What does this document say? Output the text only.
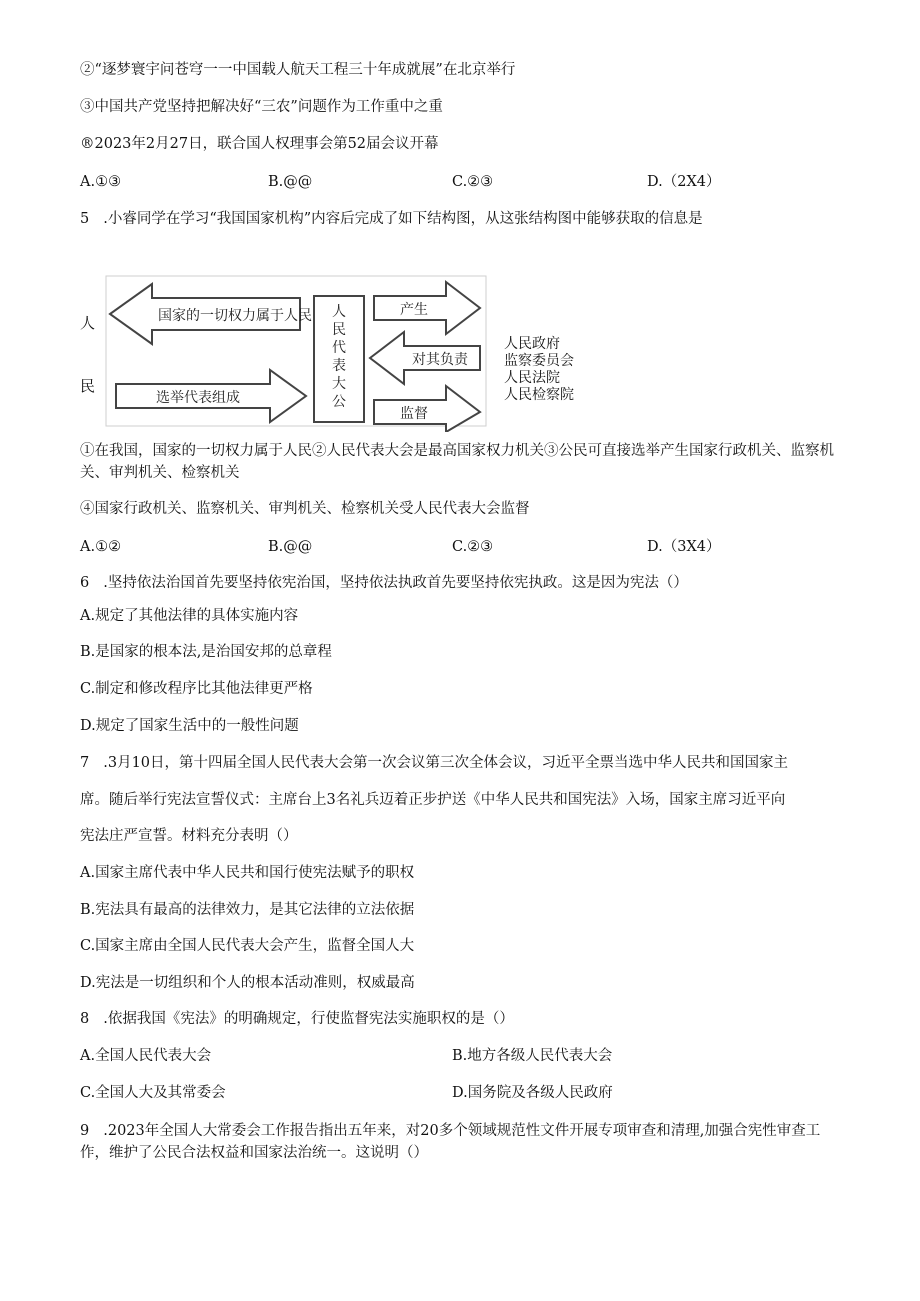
②“逐梦寰宇问苍穹一一中国载人航天工程三十年成就展”在北京举行
③中国共产党坚持把解决好“三农”问题作为工作重中之重
®2023年2月27日，联合国人权理事会第52届会议开幕
A.①③	B.@@	C.②③	D.（2X4）
5 .小睿同学在学习“我国国家机构”内容后完成了如下结构图，从这张结构图中能够获取的信息是
人
民
国家的一切权力属于人民
选举代表组成
人
民
代
表
大
公
产生
对其负责
监督
人民政府
监察委员会
人民法院
人民检察院
①在我国，国家的一切权力属于人民②人民代表大会是最高国家权力机关③公民可直接选举产生国家行政机关、监察机关、审判机关、检察机关
④国家行政机关、监察机关、审判机关、检察机关受人民代表大会监督
A.①②	B.@@	C.②③	D.（3X4）
6 .坚持依法治国首先要坚持依宪治国，坚持依法执政首先要坚持依宪执政。这是因为宪法（）
A.规定了其他法律的具体实施内容
B.是国家的根本法,是治国安邦的总章程
C.制定和修改程序比其他法律更严格
D.规定了国家生活中的一般性问题
7 .3月10日，第十四届全国人民代表大会第一次会议第三次全体会议，习近平全票当选中华人民共和国国家主
席。随后举行宪法宣誓仪式：主席台上3名礼兵迈着正步护送《中华人民共和国宪法》入场，国家主席习近平向
宪法庄严宣誓。材料充分表明（）
A.国家主席代表中华人民共和国行使宪法赋予的职权
B.宪法具有最高的法律效力，是其它法律的立法依据
C.国家主席由全国人民代表大会产生，监督全国人大
D.宪法是一切组织和个人的根本活动准则，权威最高
8 .依据我国《宪法》的明确规定，行使监督宪法实施职权的是（）
A.全国人民代表大会	B.地方各级人民代表大会
C.全国人大及其常委会	D.国务院及各级人民政府
9 .2023年全国人大常委会工作报告指出五年来，对20多个领域规范性文件开展专项审查和清理,加强合宪性审查工作，维护了公民合法权益和国家法治统一。这说明（）
